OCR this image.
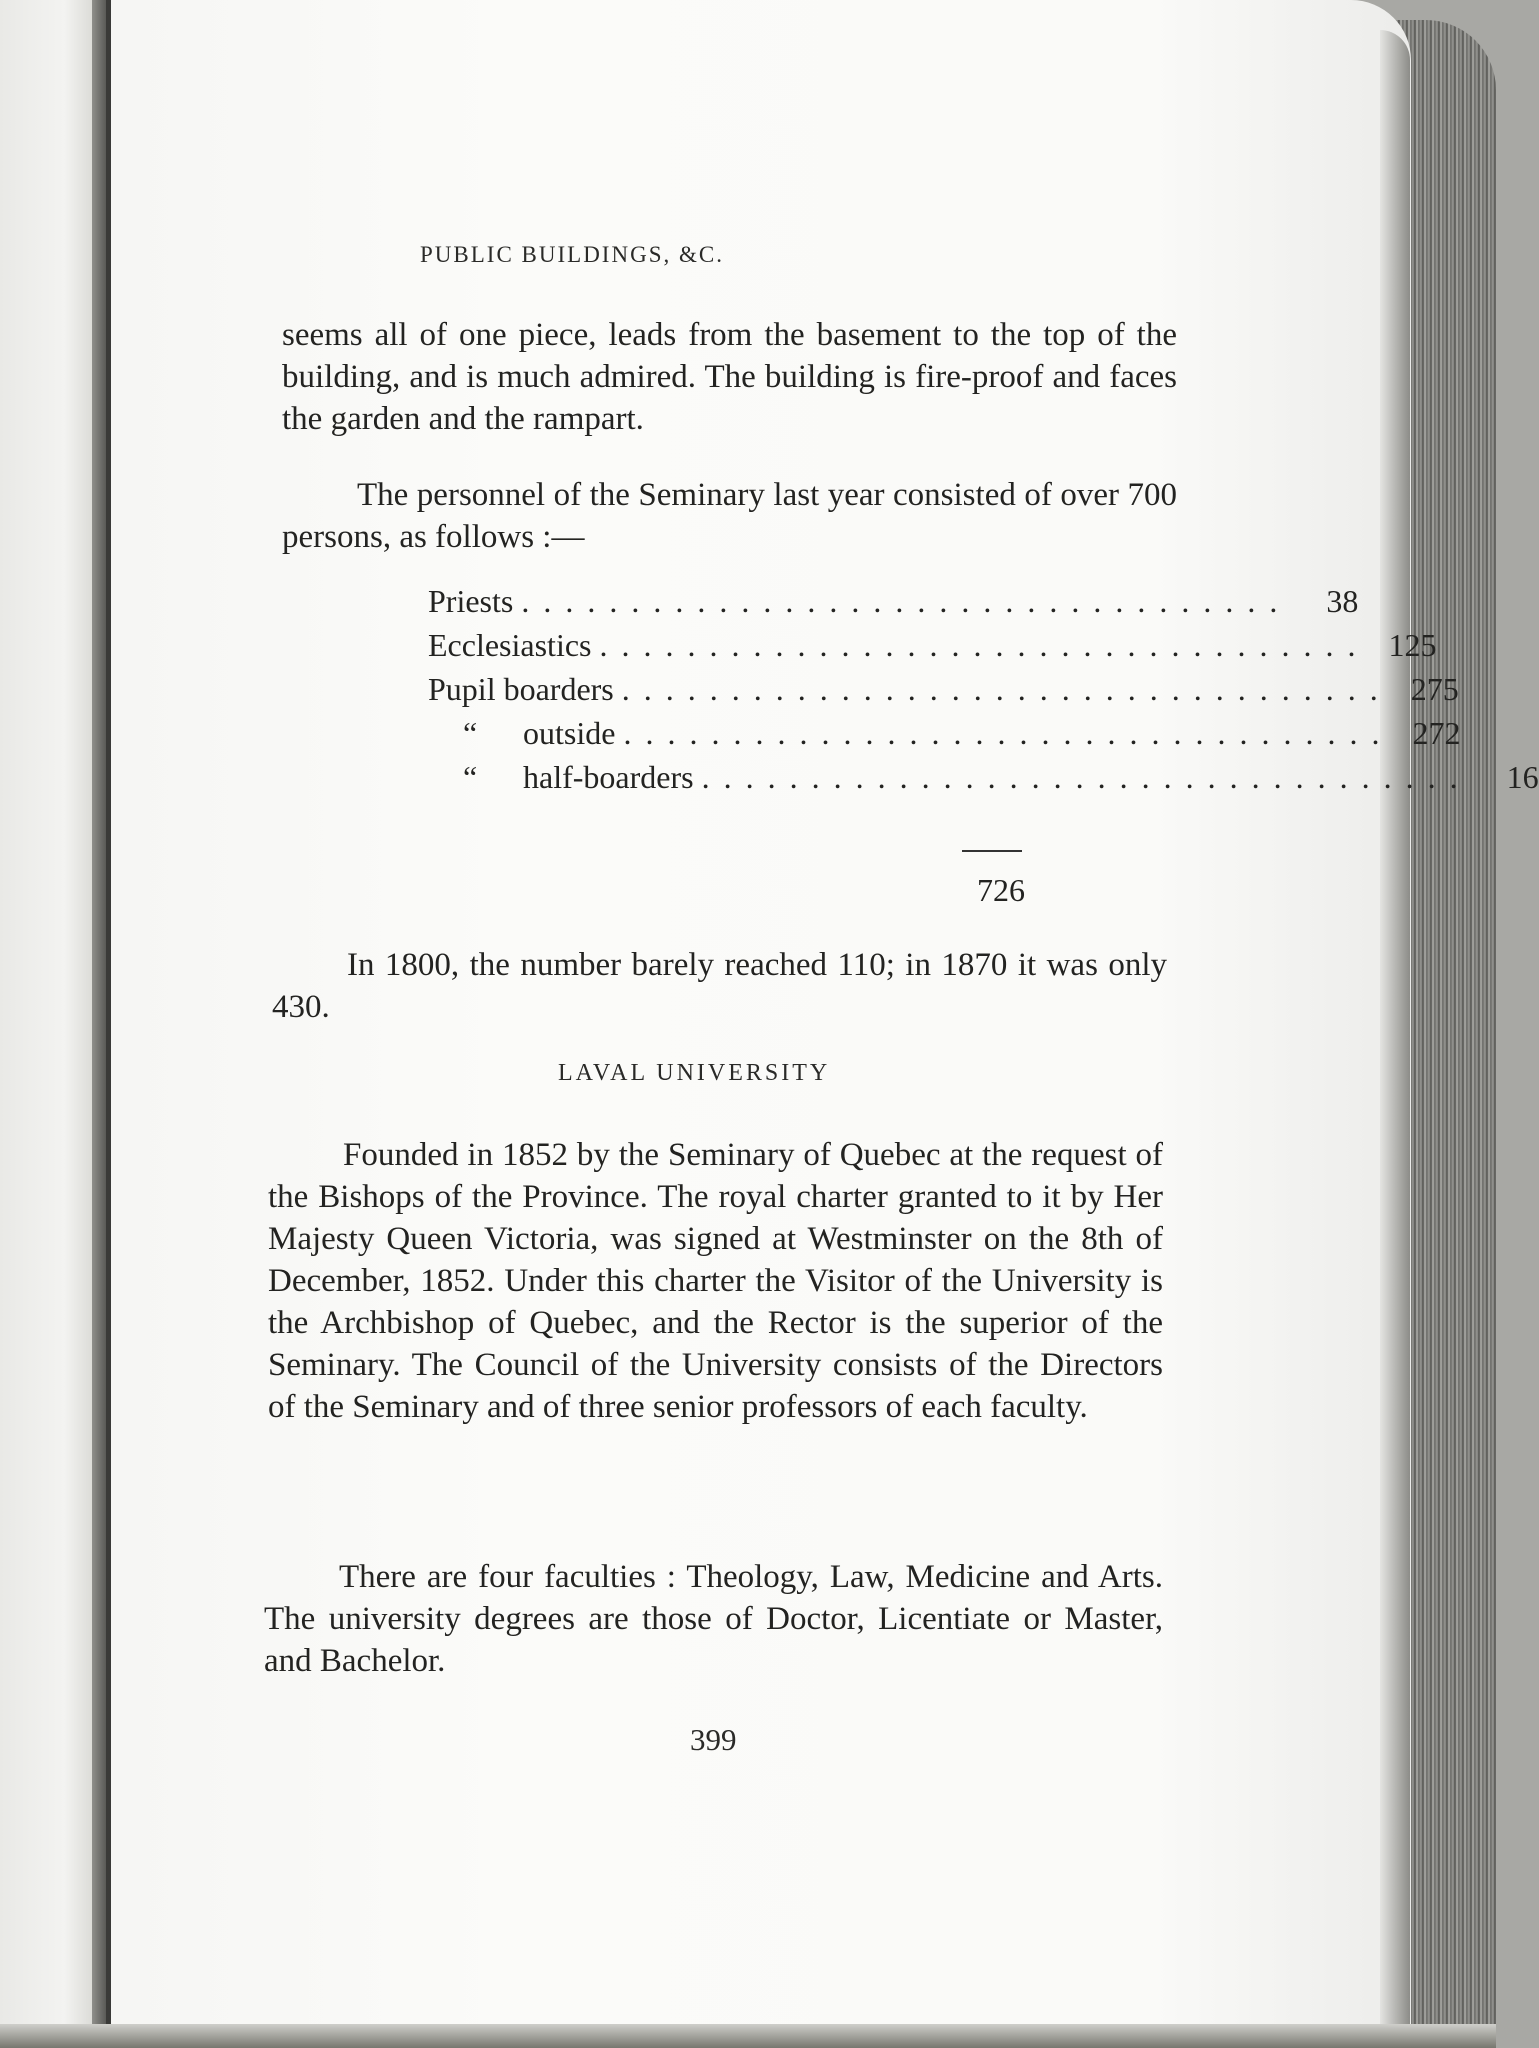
PUBLIC BUILDINGS, &C.

seems all of one piece, leads from the basement to the top of the building, and is much admired. The building is fire-proof and faces the garden and the rampart.

The personnel of the Seminary last year consisted of over 700 persons, as follows :—

Priests . . . . . . . . . . . . . . . . . . . . . . . . . . . . . . . . . . .	38
Ecclesiastics . . . . . . . . . . . . . . . . . . . . . . . . . . . . . . . . . . . 125
Pupil boarders . . . . . . . . . . . . . . . . . . . . . . . . . . . . . . . . . . . 275
“	outside . . . . . . . . . . . . . . . . . . . . . . . . . . . . . . . . . . . 272
“	half-boarders . . . . . . . . . . . . . . . . . . . . . . . . . . . . . . . . . . .	16
726

In 1800, the number barely reached 110; in 1870 it was only 430.

LAVAL UNIVERSITY

Founded in 1852 by the Seminary of Quebec at the request of the Bishops of the Province. The royal charter granted to it by Her Majesty Queen Victoria, was signed at Westminster on the 8th of December, 1852. Under this charter the Visitor of the University is the Archbishop of Quebec, and the Rector is the superior of the Seminary. The Council of the University consists of the Directors of the Seminary and of three senior professors of each faculty.

There are four faculties : Theology, Law, Medicine and Arts. The university degrees are those of Doctor, Licentiate or Master, and Bachelor.

399
